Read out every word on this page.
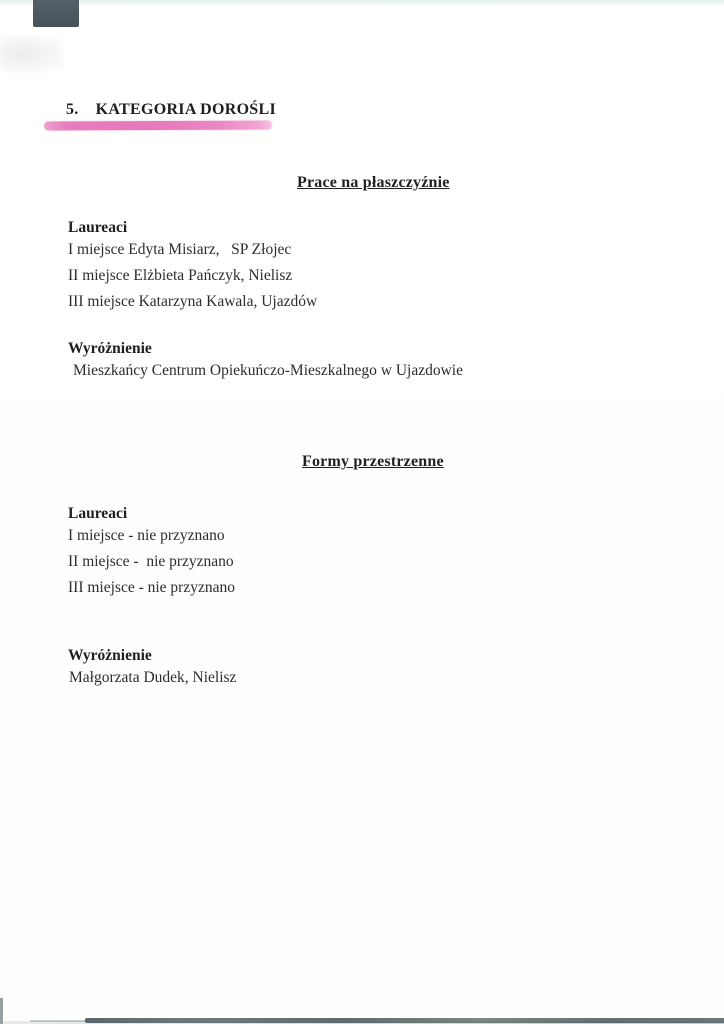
5. KATEGORIA DOROŚLI
Prace na płaszczyźnie
Laureaci
I miejsce Edyta Misiarz,   SP Złojec
II miejsce Elżbieta Pańczyk, Nielisz
III miejsce Katarzyna Kawala, Ujazdów
Wyróżnienie
Mieszkańcy Centrum Opiekuńczo-Mieszkalnego w Ujazdowie
Formy przestrzenne
Laureaci
I miejsce - nie przyznano
II miejsce -  nie przyznano
III miejsce - nie przyznano
Wyróżnienie
Małgorzata Dudek, Nielisz
